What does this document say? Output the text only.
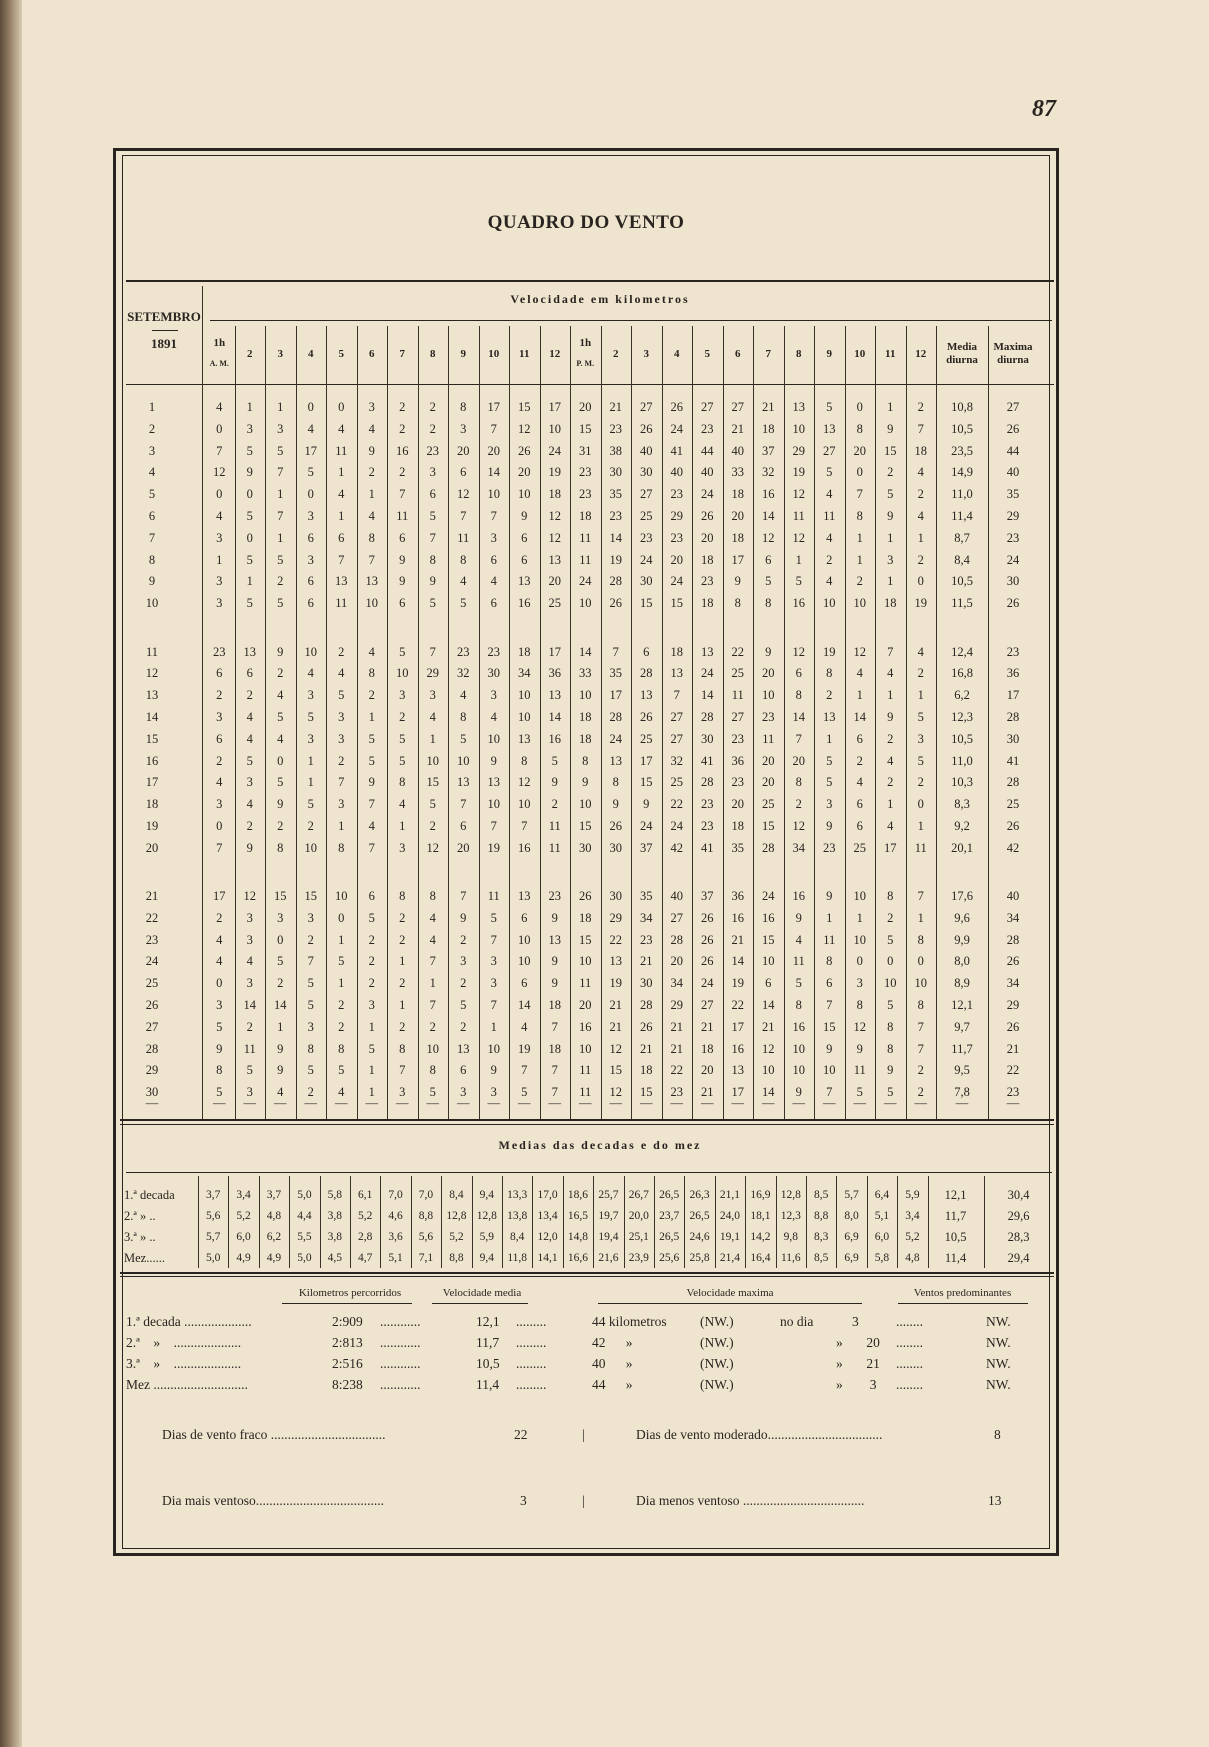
87
QUADRO DO VENTO
Velocidade em kilometros
SETEMBRO
1891	1h
A. M.
2	3	4	5	6	7	8	9	10	11	12
1h
P. M.
2	3	4	5	6	7	8	9	10	11	12
Media
diurna
Maxima
diurna
1	4	1	1	0	0	3	2	2	8	17	15	17	20	21	27	26	27	27	21	13	5	0	1	2	10,8	27
2	0	3	3	4	4	4	2	2	3	7	12	10	15	23	26	24	23	21	18	10	13	8	9	7	10,5	26
3	7	5	5	17	11	9	16	23	20	20	26	24	31	38	40	41	44	40	37	29	27	20	15	18	23,5	44
4	12	9	7	5	1	2	2	3	6	14	20	19	23	30	30	40	40	33	32	19	5	0	2	4	14,9	40
5	0	0	1	0	4	1	7	6	12	10	10	18	23	35	27	23	24	18	16	12	4	7	5	2	11,0	35
6	4	5	7	3	1	4	11	5	7	7	9	12	18	23	25	29	26	20	14	11	11	8	9	4	11,4	29
7	3	0	1	6	6	8	6	7	11	3	6	12	11	14	23	23	20	18	12	12	4	1	1	1	8,7	23
8	1	5	5	3	7	7	9	8	8	6	6	13	11	19	24	20	18	17	6	1	2	1	3	2	8,4	24
9	3	1	2	6	13	13	9	9	4	4	13	20	24	28	30	24	23	9	5	5	4	2	1	0	10,5	30
10	3	5	5	6	11	10	6	5	5	6	16	25	10	26	15	15	18	8	8	16	10	10	18	19	11,5	26
11	23	13	9	10	2	4	5	7	23	23	18	17	14	7	6	18	13	22	9	12	19	12	7	4	12,4	23
12	6	6	2	4	4	8	10	29	32	30	34	36	33	35	28	13	24	25	20	6	8	4	4	2	16,8	36
13	2	2	4	3	5	2	3	3	4	3	10	13	10	17	13	7	14	11	10	8	2	1	1	1	6,2	17
14	3	4	5	5	3	1	2	4	8	4	10	14	18	28	26	27	28	27	23	14	13	14	9	5	12,3	28
15	6	4	4	3	3	5	5	1	5	10	13	16	18	24	25	27	30	23	11	7	1	6	2	3	10,5	30
16	2	5	0	1	2	5	5	10	10	9	8	5	8	13	17	32	41	36	20	20	5	2	4	5	11,0	41
17	4	3	5	1	7	9	8	15	13	13	12	9	9	8	15	25	28	23	20	8	5	4	2	2	10,3	28
18	3	4	9	5	3	7	4	5	7	10	10	2	10	9	9	22	23	20	25	2	3	6	1	0	8,3	25
19	0	2	2	2	1	4	1	2	6	7	7	11	15	26	24	24	23	18	15	12	9	6	4	1	9,2	26
20	7	9	8	10	8	7	3	12	20	19	16	11	30	30	37	42	41	35	28	34	23	25	17	11	20,1	42
21	17	12	15	15	10	6	8	8	7	11	13	23	26	30	35	40	37	36	24	16	9	10	8	7	17,6	40
22	2	3	3	3	0	5	2	4	9	5	6	9	18	29	34	27	26	16	16	9	1	1	2	1	9,6	34
23	4	3	0	2	1	2	2	4	2	7	10	13	15	22	23	28	26	21	15	4	11	10	5	8	9,9	28
24	4	4	5	7	5	2	1	7	3	3	10	9	10	13	21	20	26	14	10	11	8	0	0	0	8,0	26
25	0	3	2	5	1	2	2	1	2	3	6	9	11	19	30	34	24	19	6	5	6	3	10	10	8,9	34
26	3	14	14	5	2	3	1	7	5	7	14	18	20	21	28	29	27	22	14	8	7	8	5	8	12,1	29
27	5	2	1	3	2	1	2	2	2	1	4	7	16	21	26	21	21	17	21	16	15	12	8	7	9,7	26
28	9	11	9	8	8	5	8	10	13	10	19	18	10	12	21	21	18	16	12	10	9	9	8	7	11,7	21
29	8	5	9	5	5	1	7	8	6	9	7	7	11	15	18	22	20	13	10	10	10	11	9	2	9,5	22
30	5	3	4	2	4	1	3	5	3	3	5	7	11	12	15	23	21	17	14	9	7	5	5	2	7,8	23
—	—	—	—	—	—	—	—	—	—	—	—	—	—	—	—	—	—	—	—	—	—	—	—	—	—	—
Medias das decadas e do mez
1.ª decada	3,7	3,4	3,7	5,0	5,8	6,1	7,0	7,0	8,4	9,4	13,3 17,0 18,6 25,7 26,7 26,5 26,3 21,1 16,9 12,8	8,5	5,7	6,4	5,9	12,1	30,4
2.ª » ..	5,6	5,2	4,8	4,4	3,8	5,2	4,6	8,8	12,8 12,8 13,8 13,4 16,5 19,7 20,0 23,7 26,5 24,0 18,1 12,3	8,8	8,0	5,1	3,4	11,7	29,6
3.ª » ..	5,7	6,0	6,2	5,5	3,8	2,8	3,6	5,6	5,2	5,9	8,4	12,0 14,8 19,4 25,1 26,5 24,6 19,1 14,2	9,8	8,3	6,9	6,0	5,2	10,5	28,3
Mez......	5,0	4,9	4,9	5,0	4,5	4,7	5,1	7,1	8,8	9,4	11,8 14,1 16,6 21,6 23,9 25,6 25,8 21,4 16,4 11,6	8,5	6,9	5,8	4,8	11,4	29,4
Kilometros percorridos	Velocidade media	Velocidade maxima	Ventos predominantes
1.ª decada ....................	2:909 ............	12,1 .........	44 kilometros (NW.)	no dia	3	........	NW.
2.ª    »    ....................	2:813 ............	11,7 .........	42      »	(NW.)	»       20 ........	NW.
3.ª    »    ....................	2:516 ............	10,5 .........	40      »	(NW.)	»       21 ........	NW.
Mez ............................	8:238 ............	11,4 .........	44      »	(NW.)	»        3 ........	NW.
Dias de vento fraco ..................................	22	|	Dias de vento moderado..................................	8
Dia mais ventoso......................................	3	|	Dia menos ventoso ....................................	13
